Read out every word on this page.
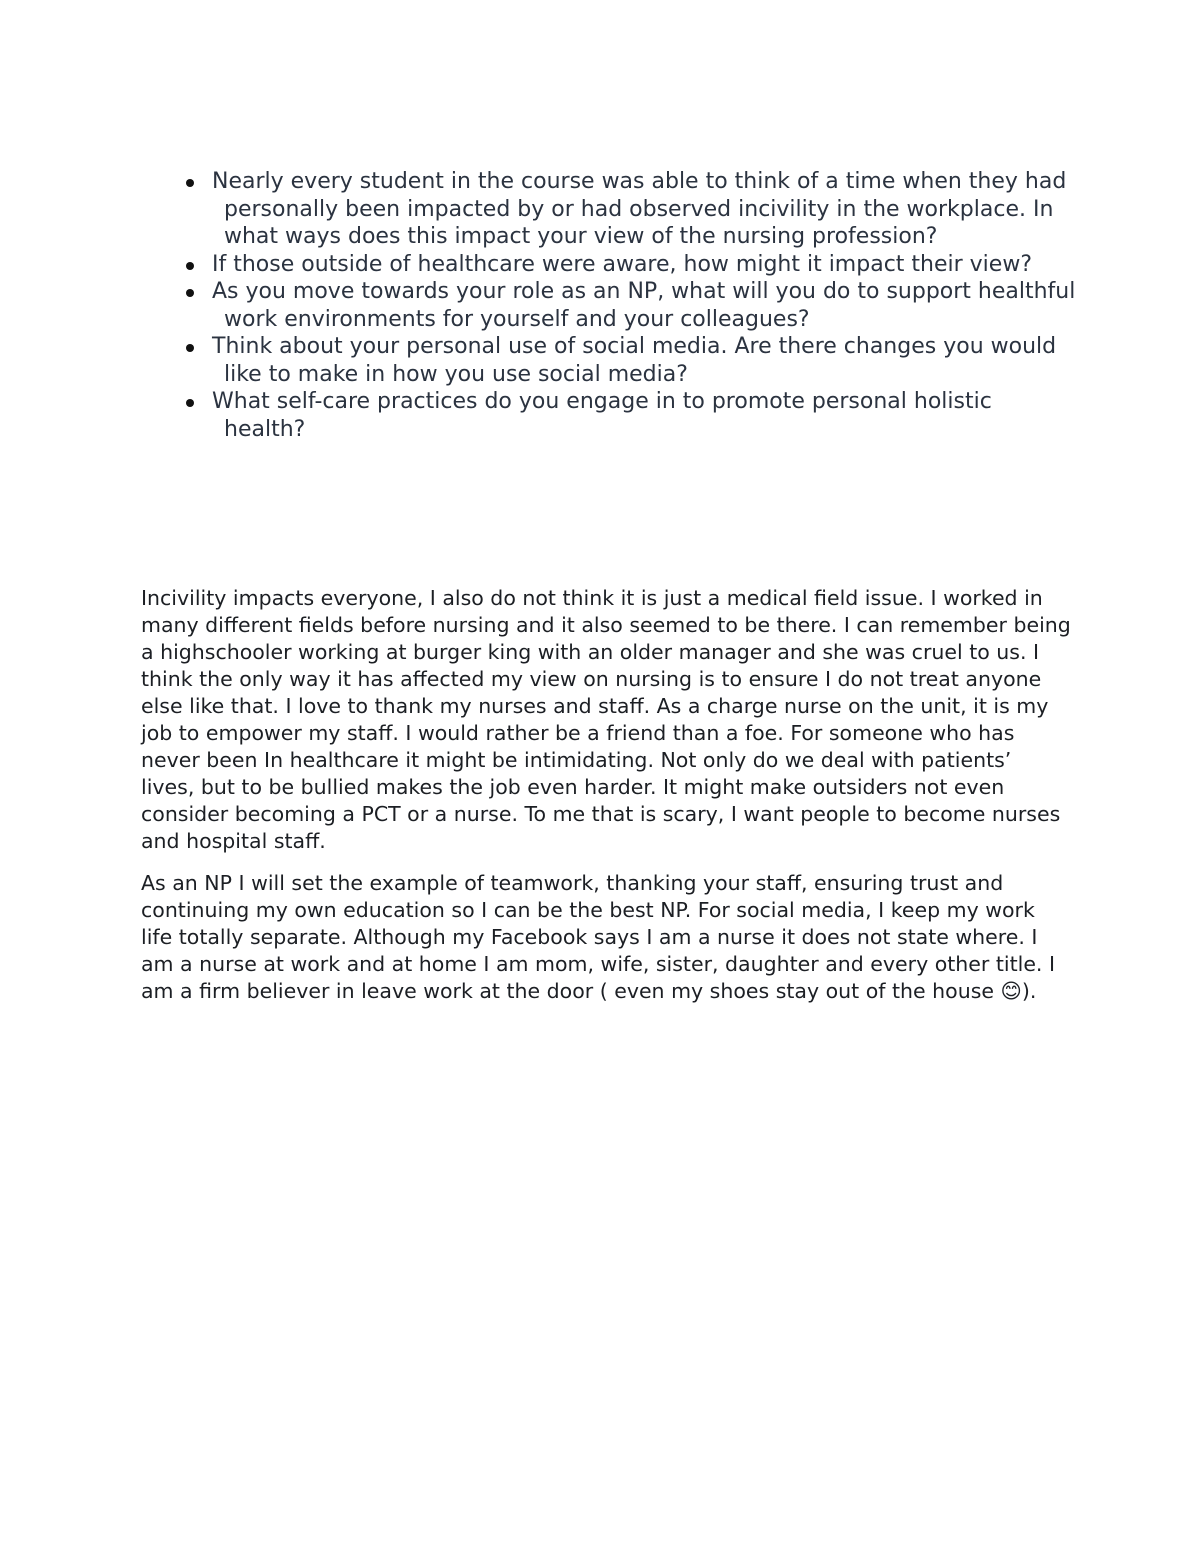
Nearly every student in the course was able to think of a time when they had personally been impacted by or had observed incivility in the workplace. In what ways does this impact your view of the nursing profession?
If those outside of healthcare were aware, how might it impact their view?
As you move towards your role as an NP, what will you do to support healthful work environments for yourself and your colleagues?
Think about your personal use of social media. Are there changes you would like to make in how you use social media?
What self-care practices do you engage in to promote personal holistic health?

Incivility impacts everyone, I also do not think it is just a medical field issue. I worked in many different fields before nursing and it also seemed to be there. I can remember being a highschooler working at burger king with an older manager and she was cruel to us. I think the only way it has affected my view on nursing is to ensure I do not treat anyone else like that. I love to thank my nurses and staff. As a charge nurse on the unit, it is my job to empower my staff. I would rather be a friend than a foe. For someone who has never been In healthcare it might be intimidating. Not only do we deal with patients’ lives, but to be bullied makes the job even harder. It might make outsiders not even consider becoming a PCT or a nurse. To me that is scary, I want people to become nurses and hospital staff.

As an NP I will set the example of teamwork, thanking your staff, ensuring trust and continuing my own education so I can be the best NP. For social media, I keep my work life totally separate. Although my Facebook says I am a nurse it does not state where. I am a nurse at work and at home I am mom, wife, sister, daughter and every other title. I am a firm believer in leave work at the door ( even my shoes stay out of the house 😊).
